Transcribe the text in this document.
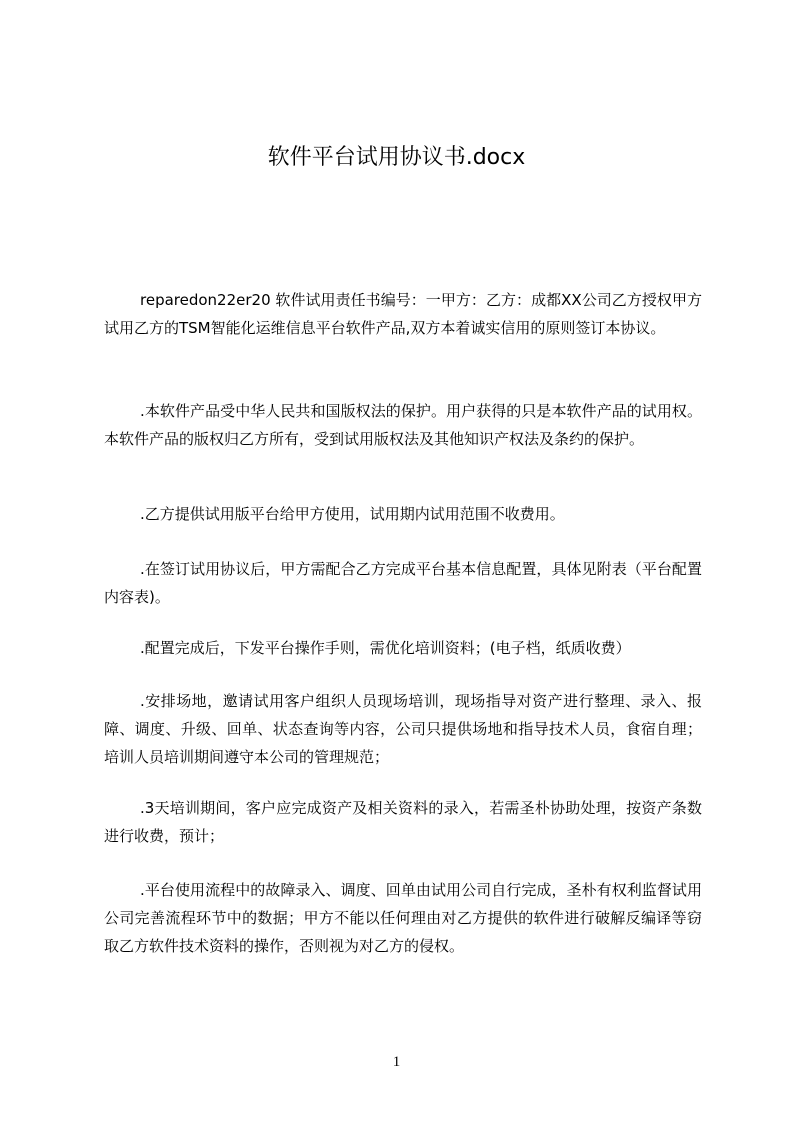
软件平台试用协议书.docx

reparedon22er20 软件试用责任书编号：一甲方：乙方：成都XX公司乙方授权甲方试用乙方的TSM智能化运维信息平台软件产品,双方本着诚实信用的原则签订本协议。

.本软件产品受中华人民共和国版权法的保护。用户获得的只是本软件产品的试用权。本软件产品的版权归乙方所有，受到试用版权法及其他知识产权法及条约的保护。

.乙方提供试用版平台给甲方使用，试用期内试用范围不收费用。

.在签订试用协议后，甲方需配合乙方完成平台基本信息配置，具体见附表（平台配置内容表)。

.配置完成后，下发平台操作手则，需优化培训资料；(电子档，纸质收费）

.安排场地，邀请试用客户组织人员现场培训，现场指导对资产进行整理、录入、报障、调度、升级、回单、状态查询等内容，公司只提供场地和指导技术人员，食宿自理；培训人员培训期间遵守本公司的管理规范；

.3天培训期间，客户应完成资产及相关资料的录入，若需圣朴协助处理，按资产条数进行收费，预计；

.平台使用流程中的故障录入、调度、回单由试用公司自行完成，圣朴有权利监督试用公司完善流程环节中的数据；甲方不能以任何理由对乙方提供的软件进行破解反编译等窃取乙方软件技术资料的操作，否则视为对乙方的侵权。

1
